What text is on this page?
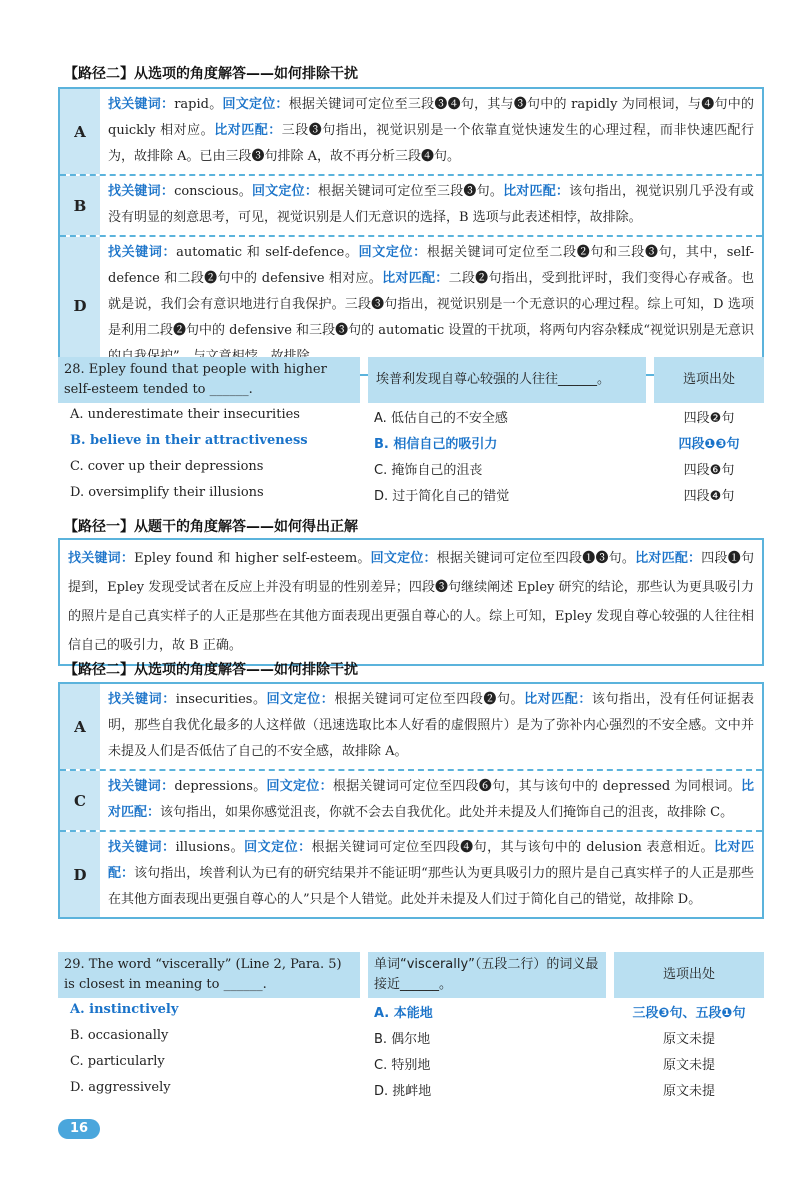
【路径二】从选项的角度解答——如何排除干扰
A
找关键词：rapid。回文定位：根据关键词可定位至三段❸❹句，其与❸句中的 rapidly 为同根词，与❹句中的 quickly 相对应。比对匹配：三段❸句指出，视觉识别是一个依靠直觉快速发生的心理过程，而非快速匹配行为，故排除 A。已由三段❸句排除 A，故不再分析三段❹句。
B
找关键词：conscious。回文定位：根据关键词可定位至三段❸句。比对匹配：该句指出，视觉识别几乎没有或没有明显的刻意思考，可见，视觉识别是人们无意识的选择，B 选项与此表述相悖，故排除。
D
找关键词：automatic 和 self-defence。回文定位：根据关键词可定位至二段❷句和三段❸句，其中，self-defence 和二段❷句中的 defensive 相对应。比对匹配：二段❷句指出，受到批评时，我们变得心存戒备。也就是说，我们会有意识地进行自我保护。三段❸句指出，视觉识别是一个无意识的心理过程。综上可知，D 选项是利用二段❷句中的 defensive 和三段❸句的 automatic 设置的干扰项，将两句内容杂糅成“视觉识别是无意识
28. Epley found that people with higher self-esteem tended to ______.
埃普利发现自尊心较强的人往往______。	选项出处
A. underestimate their insecurities	A. 低估自己的不安全感	四段❷句
B. believe in their attractiveness	B. 相信自己的吸引力	四段❶❸句
C. cover up their depressions	C. 掩饰自己的沮丧	四段❻句
D. oversimplify their illusions	D. 过于简化自己的错觉	四段❹句
【路径一】从题干的角度解答——如何得出正解
找关键词：Epley found 和 higher self-esteem。回文定位：根据关键词可定位至四段❶❸句。比对匹配：四段❶句提到，Epley 发现受试者在反应上并没有明显的性别差异；四段❸句继续阐述 Epley 研究的结论，那些认为更具吸引力的照片是自己真实样子的人正是那些在其他方面表现出更强自尊心的人。综上可知，Epley 发现自尊心较强的人往往相信自己的吸引力，故 B 正确。
【路径二】从选项的角度解答——如何排除干扰
A
找关键词：insecurities。回文定位：根据关键词可定位至四段❷句。比对匹配：该句指出，没有任何证据表明，那些自我优化最多的人这样做（迅速选取比本人好看的虚假照片）是为了弥补内心强烈的不安全感。文中并未提及人们是否低估了自己的不安全感，故排除 A。
C
找关键词：depressions。回文定位：根据关键词可定位至四段❻句，其与该句中的 depressed 为同根词。比对匹配：该句指出，如果你感觉沮丧，你就不会去自我优化。此处并未提及人们掩饰自己的沮丧，故排除 C。
D
找关键词：illusions。回文定位：根据关键词可定位至四段❹句，其与该句中的 delusion 表意相近。比对匹配：该句指出，埃普利认为已有的研究结果并不能证明“那些认为更具吸引力的照片是自己真实样子的人正是那些在其他方面表现出更强自尊心的人”只是个人错觉。此处并未提及人们过于简化自己的错觉，故排除 D。
29. The word “viscerally” (Line 2, Para. 5) is closest in meaning to ______.
单词“viscerally”（五段二行）的词义最接近______。
选项出处
A. instinctively	A. 本能地	三段❸句、五段❶句
B. occasionally	B. 偶尔地	原文未提
C. particularly	C. 特别地	原文未提
D. aggressively	D. 挑衅地	原文未提
16
